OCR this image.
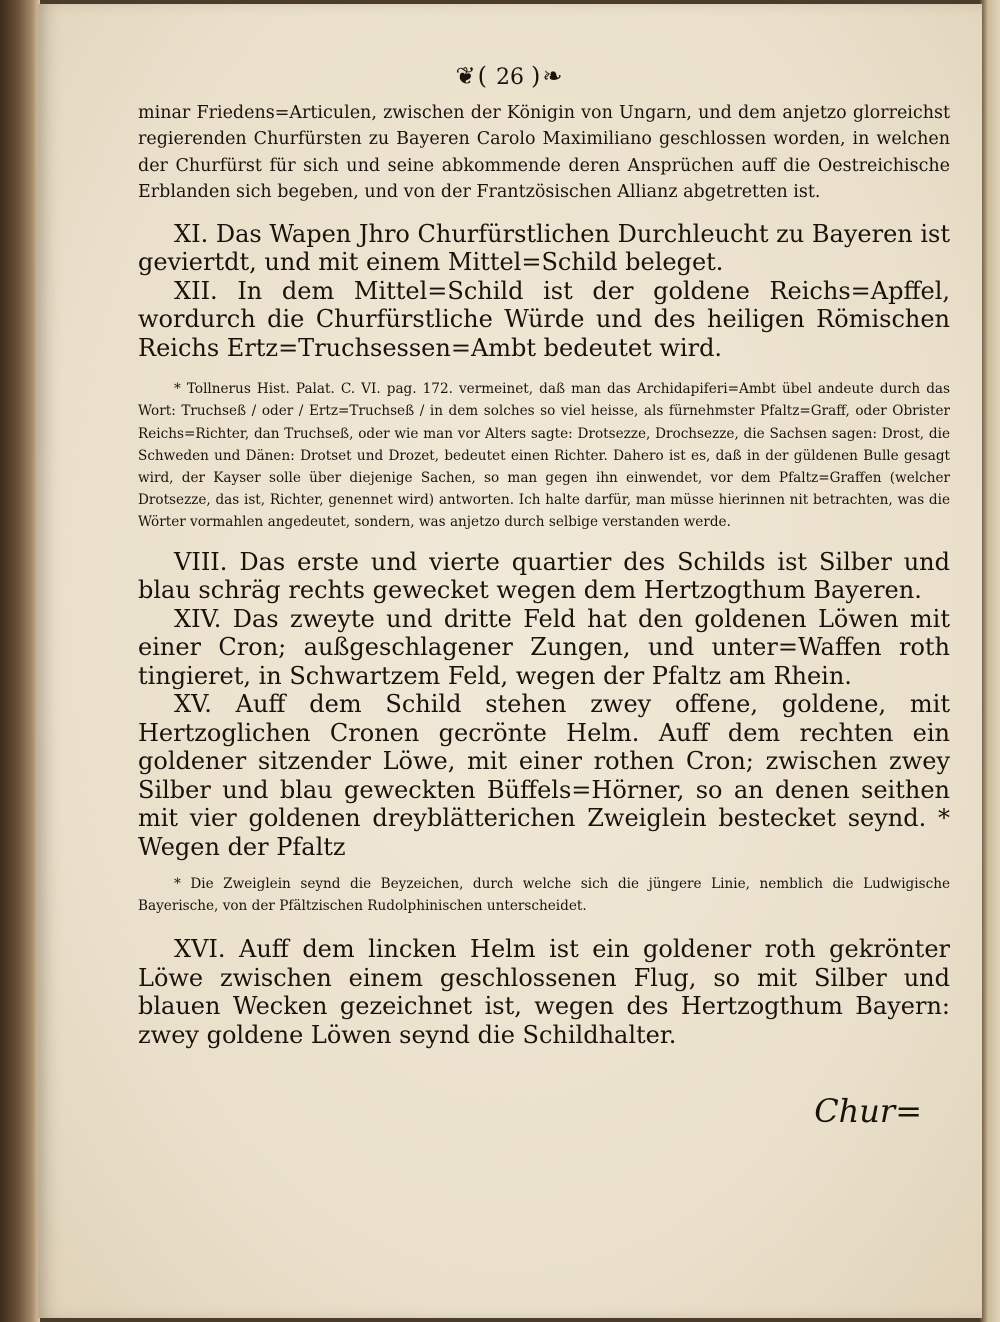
❦( 26 )❧

minar Friedens=Articulen, zwischen der Königin von Ungarn, und dem anjetzo glorreichst regierenden Churfürsten zu Bayeren Carolo Maximiliano geschlossen worden, in welchen der Churfürst für sich und seine abkommende deren Ansprüchen auff die Oestreichische Erblanden sich begeben, und von der Frantzösischen Allianz abgetretten ist.

XI. Das Wapen Jhro Churfürstlichen Durchleucht zu Bayeren ist geviertdt, und mit einem Mittel=Schild beleget.

XII. In dem Mittel=Schild ist der goldene Reichs=Apffel, wordurch die Churfürstliche Würde und des heiligen Römischen Reichs Ertz=Truchsessen=Ambt bedeutet wird.

* Tollnerus Hist. Palat. C. VI. pag. 172. vermeinet, daß man das Archidapiferi=Ambt übel andeute durch das Wort: Truchseß / oder / Ertz=Truchseß / in dem solches so viel heisse, als fürnehmster Pfaltz=Graff, oder Obrister Reichs=Richter, dan Truchseß, oder wie man vor Alters sagte: Drotsezze, Drochsezze, die Sachsen sagen: Drost, die Schweden und Dänen: Drotset und Drozet, bedeutet einen Richter. Dahero ist es, daß in der güldenen Bulle gesagt wird, der Kayser solle über diejenige Sachen, so man gegen ihn einwendet, vor dem Pfaltz=Graffen (welcher Drotsezze, das ist, Richter, genennet wird) antworten. Ich halte darfür, man müsse hierinnen nit betrachten, was die Wörter vormahlen angedeutet, sondern, was anjetzo durch selbige verstanden werde.

VIII. Das erste und vierte quartier des Schilds ist Silber und blau schräg rechts gewecket wegen dem Hertzogthum Bayeren.

XIV. Das zweyte und dritte Feld hat den goldenen Löwen mit einer Cron; außgeschlagener Zungen, und unter=Waffen roth tingieret, in Schwartzem Feld, wegen der Pfaltz am Rhein.

XV. Auff dem Schild stehen zwey offene, goldene, mit Hertzoglichen Cronen gecrönte Helm. Auff dem rechten ein goldener sitzender Löwe, mit einer rothen Cron; zwischen zwey Silber und blau geweckten Büffels=Hörner, so an denen seithen mit vier goldenen dreyblätterichen Zweiglein bestecket seynd. * Wegen der Pfaltz

* Die Zweiglein seynd die Beyzeichen, durch welche sich die jüngere Linie, nemblich die Ludwigische Bayerische, von der Pfältzischen Rudolphinischen unterscheidet.

XVI. Auff dem lincken Helm ist ein goldener roth gekrönter Löwe zwischen einem geschlossenen Flug, so mit Silber und blauen Wecken gezeichnet ist, wegen des Hertzogthum Bayern: zwey goldene Löwen seynd die Schildhalter.

Chur=
